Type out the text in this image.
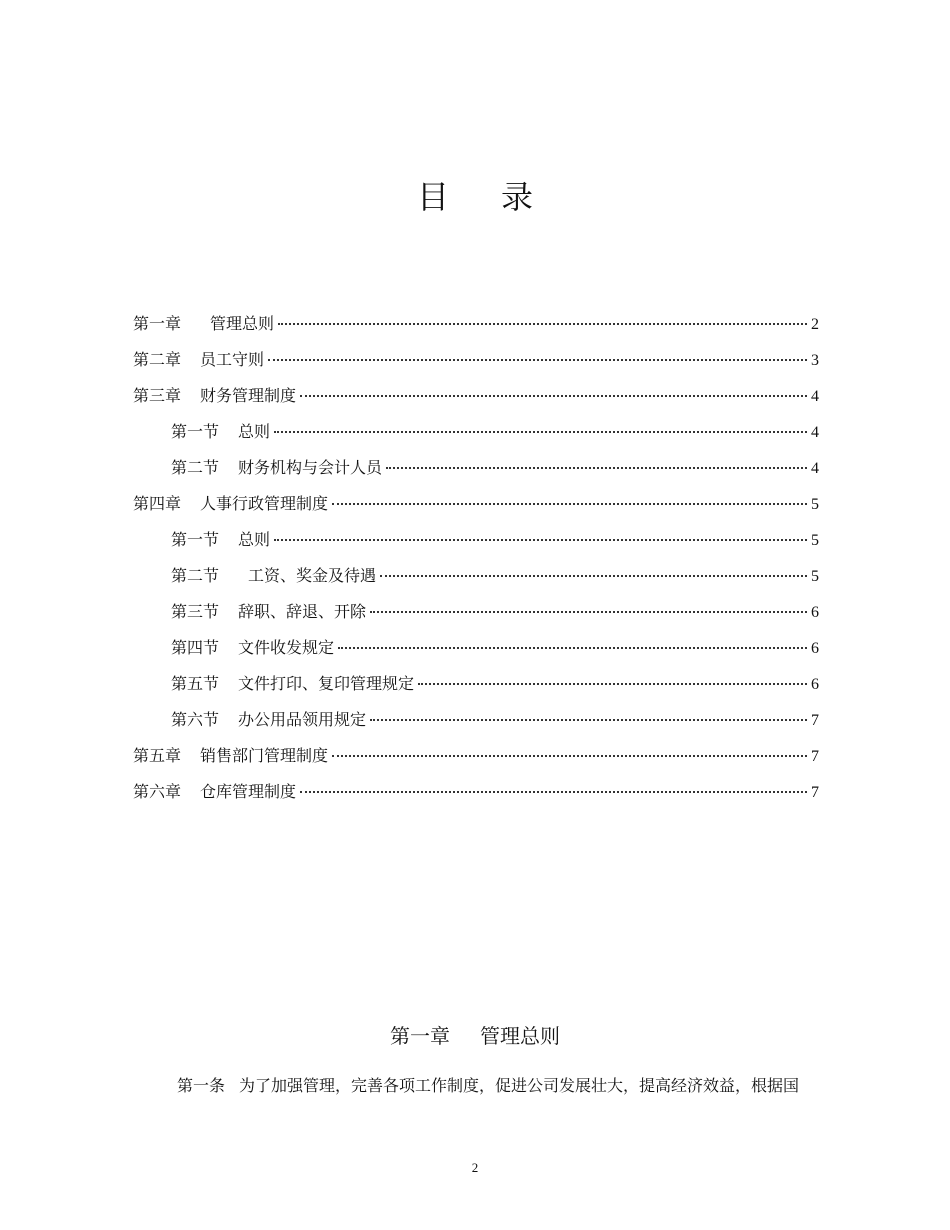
目 录
第一章 管理总则	2
第二章 员工守则	3
第三章 财务管理制度	4
第一节 总则	4
第二节 财务机构与会计人员	4
第四章 人事行政管理制度	5
第一节 总则	5
第二节 工资、奖金及待遇	5
第三节 辞职、辞退、开除	6
第四节 文件收发规定	6
第五节 文件打印、复印管理规定	6
第六节 办公用品领用规定	7
第五章 销售部门管理制度	7
第六章 仓库管理制度	7
第一章 管理总则
第一条 为了加强管理，完善各项工作制度，促进公司发展壮大，提高经济效益，根据国
2
